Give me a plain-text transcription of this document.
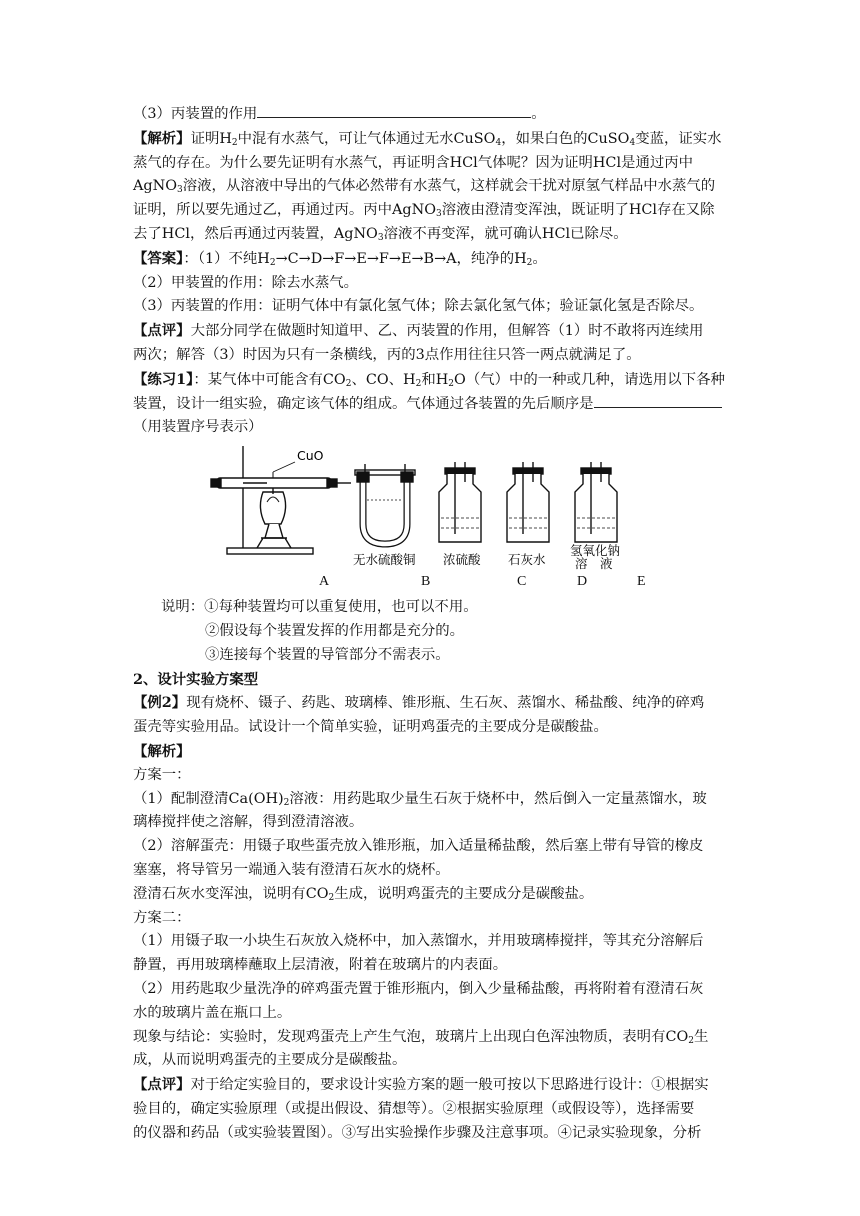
（3）丙装置的作用	。

【解析】证明$H_2$中混有水蒸气，可让气体通过无水CuSO$_4$，如果白色的CuSO$_4$变蓝，证实水

蒸气的存在。为什么要先证明有水蒸气，再证明含HCl气体呢？因为证明HCl是通过丙中

AgNO$_3$溶液，从溶液中导出的气体必然带有水蒸气，这样就会干扰对原氢气样品中水蒸气的

证明，所以要先通过乙，再通过丙。丙中AgNO$_3$溶液由澄清变浑浊，既证明了HCl存在又除

去了HCl，然后再通过丙装置，AgNO$_3$溶液不再变浑，就可确认HCl已除尽。

【答案】：（1）不纯$H_2\to C\to D\to F\to E\to F\to E\to B\to A$，纯净的$H_2$。

（2）甲装置的作用：除去水蒸气。

（3）丙装置的作用：证明气体中有氯化氢气体；除去氯化氢气体；验证氯化氢是否除尽。

【点评】大部分同学在做题时知道甲、乙、丙装置的作用，但解答（1）时不敢将丙连续用

两次；解答（3）时因为只有一条横线，丙的3点作用往往只答一两点就满足了。

【练习1】：某气体中可能含有$CO_2$、CO、$H_2$和$H_2O$（气）中的一种或几种，请选用以下各种

装置，设计一组实验，确定该气体的组成。气体通过各装置的先后顺序是

（用装置序号表示）

CuO
无水硫酸铜 浓硫酸 石灰水
氢氧化钠
溶　液
A	B	C	D	E

说明：①每种装置均可以重复使用，也可以不用。

②假设每个装置发挥的作用都是充分的。

③连接每个装置的导管部分不需表示。

2、设计实验方案型

【例2】现有烧杯、镊子、药匙、玻璃棒、锥形瓶、生石灰、蒸馏水、稀盐酸、纯净的碎鸡

蛋壳等实验用品。试设计一个简单实验，证明鸡蛋壳的主要成分是碳酸盐。

【解析】

方案一：

（1）配制澄清$Ca(OH)_2$溶液：用药匙取少量生石灰于烧杯中，然后倒入一定量蒸馏水，玻

璃棒搅拌使之溶解，得到澄清溶液。

（2）溶解蛋壳：用镊子取些蛋壳放入锥形瓶，加入适量稀盐酸，然后塞上带有导管的橡皮

塞塞，将导管另一端通入装有澄清石灰水的烧杯。

澄清石灰水变浑浊，说明有$CO_2$生成，说明鸡蛋壳的主要成分是碳酸盐。

方案二：

（1）用镊子取一小块生石灰放入烧杯中，加入蒸馏水，并用玻璃棒搅拌，等其充分溶解后

静置，再用玻璃棒蘸取上层清液，附着在玻璃片的内表面。

（2）用药匙取少量洗净的碎鸡蛋壳置于锥形瓶内，倒入少量稀盐酸，再将附着有澄清石灰

水的玻璃片盖在瓶口上。

现象与结论：实验时，发现鸡蛋壳上产生气泡，玻璃片上出现白色浑浊物质，表明有$CO_2$生

成，从而说明鸡蛋壳的主要成分是碳酸盐。

【点评】对于给定实验目的，要求设计实验方案的题一般可按以下思路进行设计：①根据实

验目的，确定实验原理（或提出假设、猜想等）。②根据实验原理（或假设等），选择需要

的仪器和药品（或实验装置图）。③写出实验操作步骤及注意事项。④记录实验现象，分析
